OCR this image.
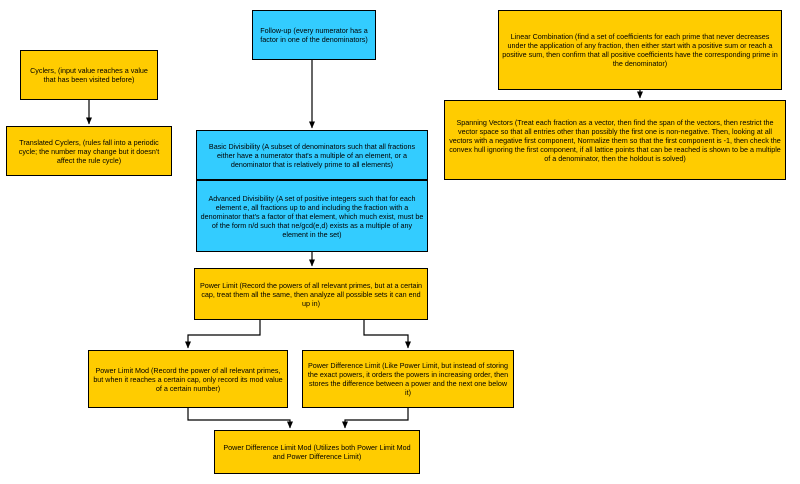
Cyclers, (input value reaches a value that has been visited before)
Translated Cyclers, (rules fall into a periodic cycle; the number may change but it doesn't affect the rule cycle)
Follow-up (every numerator has a factor in one of the denominators)	Linear Combination (find a set of coefficients for each prime that never decreases under the application of any fraction, then either start with a positive sum or reach a positive sum, then confirm that all positive coefficients have the corresponding prime in the denominator)
Spanning Vectors (Treat each fraction as a vector, then find the span of the vectors, then restrict the vector space so that all entries other than possibly the first one is non-negative. Then, looking at all vectors with a negative first component, Normalize them so that the first component is -1, then check the convex hull ignoring the first component, if all lattice points that can be reached is shown to be a multiple of a denominator, then the holdout is solved)
Basic Divisibility (A subset of denominators such that all fractions either have a numerator that's a multiple of an element, or a denominator that is relatively prime to all elements)
Advanced Divisibility (A set of positive integers such that for each element e, all fractions up to and including the fraction with a denominator that's a factor of that element, which much exist, must be of the form n/d such that ne/gcd(e,d) exists as a multiple of any element in the set)
Power Limit (Record the powers of all relevant primes, but at a certain cap, treat them all the same, then analyze all possible sets it can end up in)
Power Limit Mod (Record the power of all relevant primes, but when it reaches a certain cap, only record its mod value of a certain number)
Power Difference Limit (Like Power Limit, but instead of storing the exact powers, it orders the powers in increasing order, then stores the difference between a power and the next one below it)
Power Difference Limit Mod (Utilizes both Power Limit Mod and Power Difference Limit)
